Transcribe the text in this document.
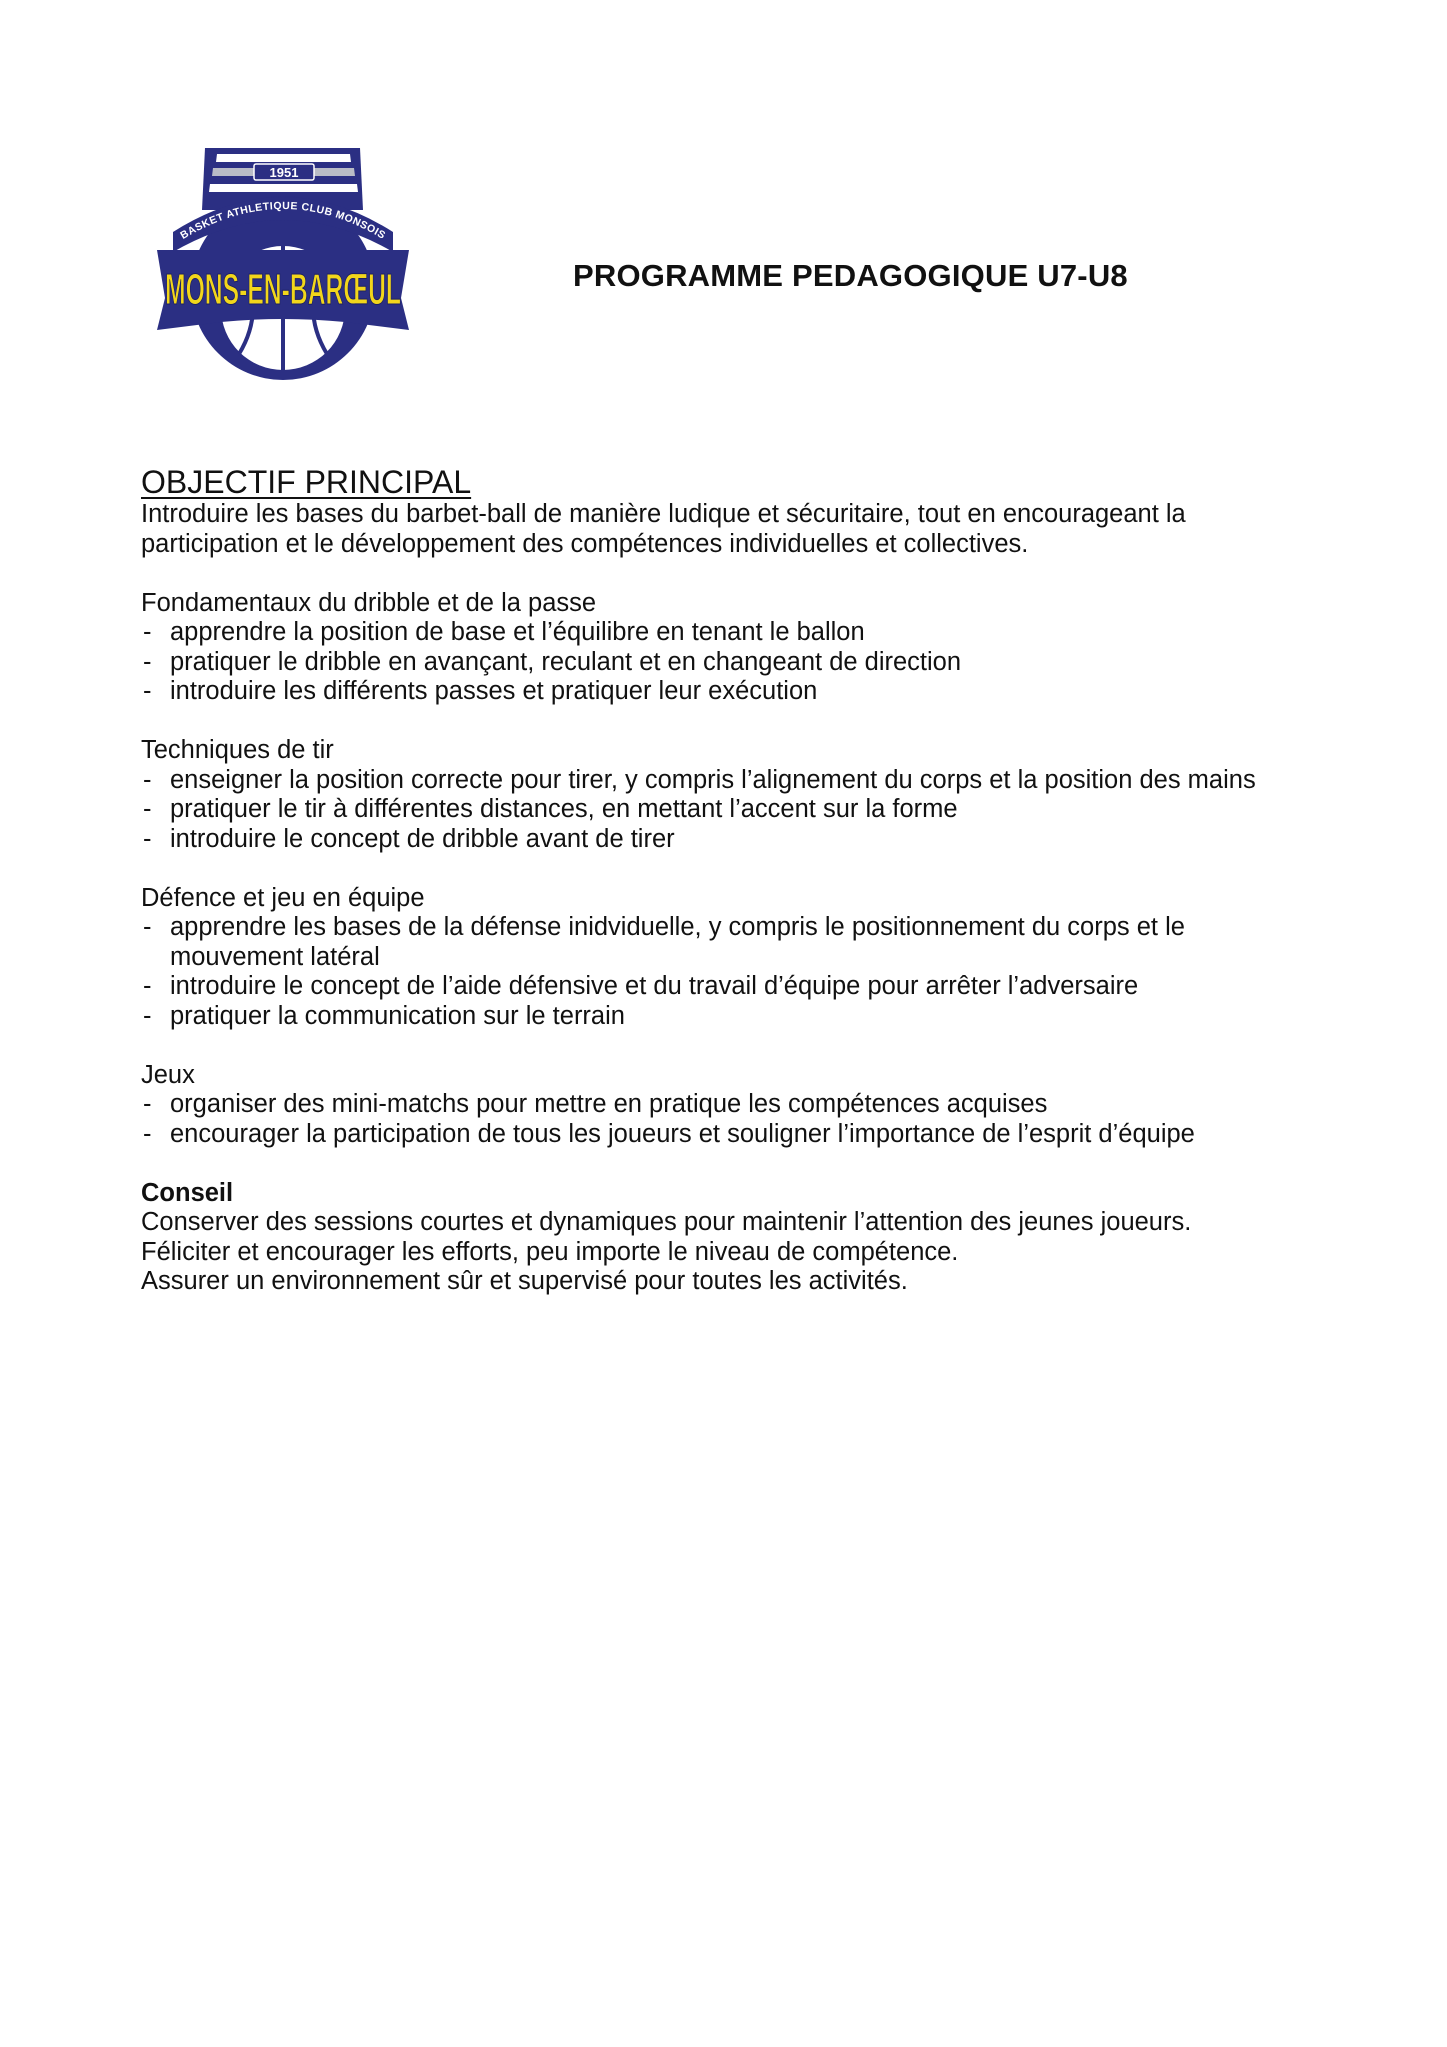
1951
BASKET ATHLETIQUE CLUB MONSOIS
MONS-EN-BARŒUL	PROGRAMME PEDAGOGIQUE U7-U8
OBJECTIF PRINCIPAL

Introduire les bases du barbet-ball de manière ludique et sécuritaire, tout en encourageant la participation et le développement des compétences individuelles et collectives.

Fondamentaux du dribble et de la passe

- apprendre la position de base et l’équilibre en tenant le ballon
- pratiquer le dribble en avançant, reculant et en changeant de direction
- introduire les différents passes et pratiquer leur exécution

Techniques de tir

- enseigner la position correcte pour tirer, y compris l’alignement du corps et la position des mains
- pratiquer le tir à différentes distances, en mettant l’accent sur la forme
- introduire le concept de dribble avant de tirer

Défence et jeu en équipe

- apprendre les bases de la défense inidviduelle, y compris le positionnement du corps et le mouvement latéral
- introduire le concept de l’aide défensive et du travail d’équipe pour arrêter l’adversaire
- pratiquer la communication sur le terrain

Jeux

- organiser des mini-matchs pour mettre en pratique les compétences acquises
- encourager la participation de tous les joueurs et souligner l’importance de l’esprit d’équipe

Conseil

Conserver des sessions courtes et dynamiques pour maintenir l’attention des jeunes joueurs.

Féliciter et encourager les efforts, peu importe le niveau de compétence.

Assurer un environnement sûr et supervisé pour toutes les activités.
